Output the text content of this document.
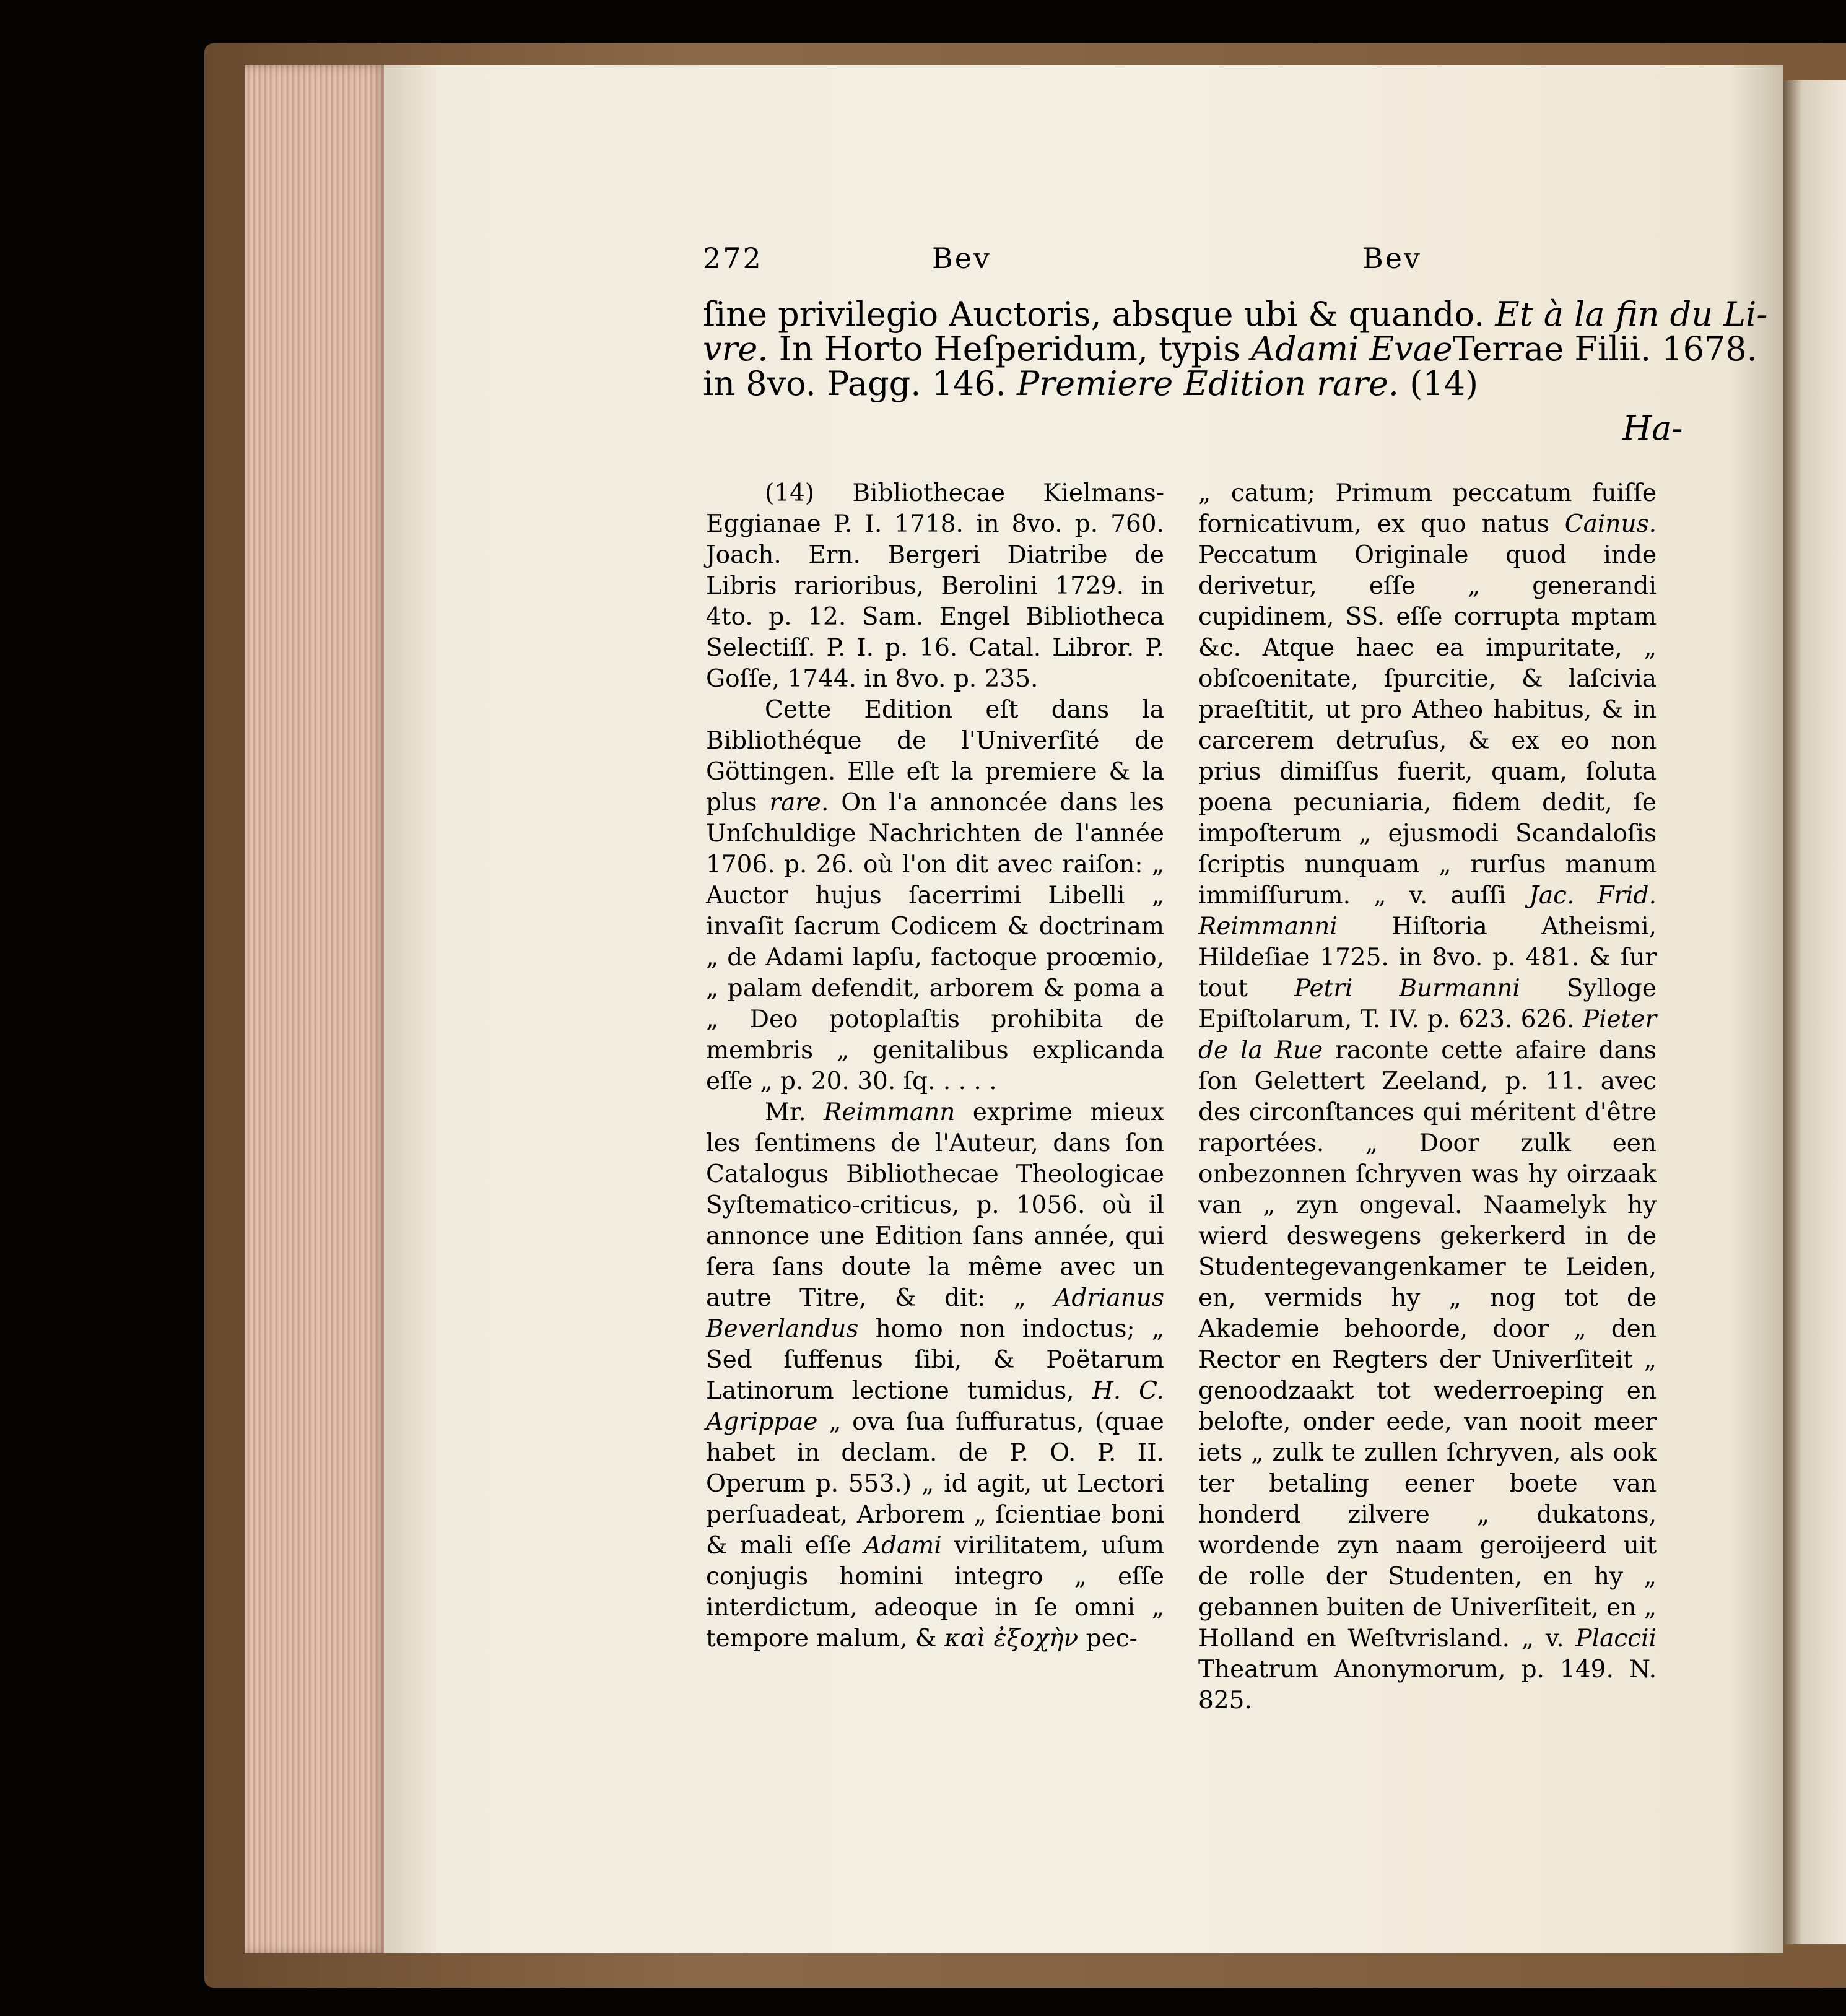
272	Bev	Bev
ſine privilegio Auctoris, absque ubi & quando. Et à la fin du Li-
vre. In Horto Heſperidum, typis Adami EvaeTerrae Filii. 1678.
in 8vo. Pagg. 146. Premiere Edition rare. (14)
Ha-

(14) Bibliothecae Kielmans-Eggianae P. I. 1718. in 8vo. p. 760. Joach. Ern. Bergeri Diatribe de Libris rarioribus, Berolini 1729. in 4to. p. 12. Sam. Engel Bibliotheca Selectiſſ. P. I. p. 16. Catal. Libror. P. Goſſe, 1744. in 8vo. p. 235.

Cette Edition eſt dans la Bibliothéque de l'Univerſité de Göttingen. Elle eſt la premiere & la plus rare. On l'a annoncée dans les Unſchuldige Nachrichten de l'année 1706. p. 26. où l'on dit avec raiſon: „ Auctor hujus ſacerrimi Libelli „ invaſit ſacrum Codicem & doctrinam „ de Adami lapſu, factoque proœmio, „ palam defendit, arborem & poma a „ Deo potoplaſtis prohibita de membris „ genitalibus explicanda eſſe „ p. 20. 30. ſq. . . . .

Mr. Reimmann exprime mieux les ſentimens de l'Auteur, dans ſon Catalogus Bibliothecae Theologicae Syſtematico-criticus, p. 1056. où il annonce une Edition ſans année, qui ſera ſans doute la même avec un autre Titre, & dit: „ Adrianus Beverlandus homo non indoctus; „ Sed ſuffenus ſibi, & Poëtarum Latinorum lectione tumidus, H. C. Agrippae „ ova ſua ſuffuratus, (quae habet in declam. de P. O. P. II. Operum p. 553.) „ id agit, ut Lectori perſuadeat, Arborem „ ſcientiae boni & mali eſſe Adami virilitatem, uſum conjugis homini integro „ eſſe interdictum, adeoque in ſe omni „ tempore malum, & καὶ ἐξοχὴν pec-

„ catum; Primum peccatum fuiſſe fornicativum, ex quo natus Cainus. Peccatum Originale quod inde derivetur, eſſe „ generandi cupidinem, SS. eſſe corrupta mptam &c. Atque haec ea impuritate, „ obſcoenitate, ſpurcitie, & laſcivia praeſtitit, ut pro Atheo habitus, & in carcerem detruſus, & ex eo non prius dimiſſus fuerit, quam, ſoluta poena pecuniaria, fidem dedit, ſe impoſterum „ ejusmodi Scandaloſis ſcriptis nunquam „ rurſus manum immiſſurum. „ v. auſſi Jac. Frid. Reimmanni Hiſtoria Atheismi, Hildeſiae 1725. in 8vo. p. 481. & ſur tout Petri Burmanni Sylloge Epiſtolarum, T. IV. p. 623. 626. Pieter de la Rue raconte cette afaire dans ſon Gelettert Zeeland, p. 11. avec des circonſtances qui méritent d'être raportées. „ Door zulk een onbezonnen ſchryven was hy oirzaak van „ zyn ongeval. Naamelyk hy wierd deswegens gekerkerd in de Studentegevangenkamer te Leiden, en, vermids hy „ nog tot de Akademie behoorde, door „ den Rector en Regters der Univerſiteit „ genoodzaakt tot wederroeping en belofte, onder eede, van nooit meer iets „ zulk te zullen ſchryven, als ook ter betaling eener boete van honderd zilvere „ dukatons, wordende zyn naam geroijeerd uit de rolle der Studenten, en hy „ gebannen buiten de Univerſiteit, en „ Holland en Weſtvrisland. „ v. Placcii Theatrum Anonymorum, p. 149. N. 825.
